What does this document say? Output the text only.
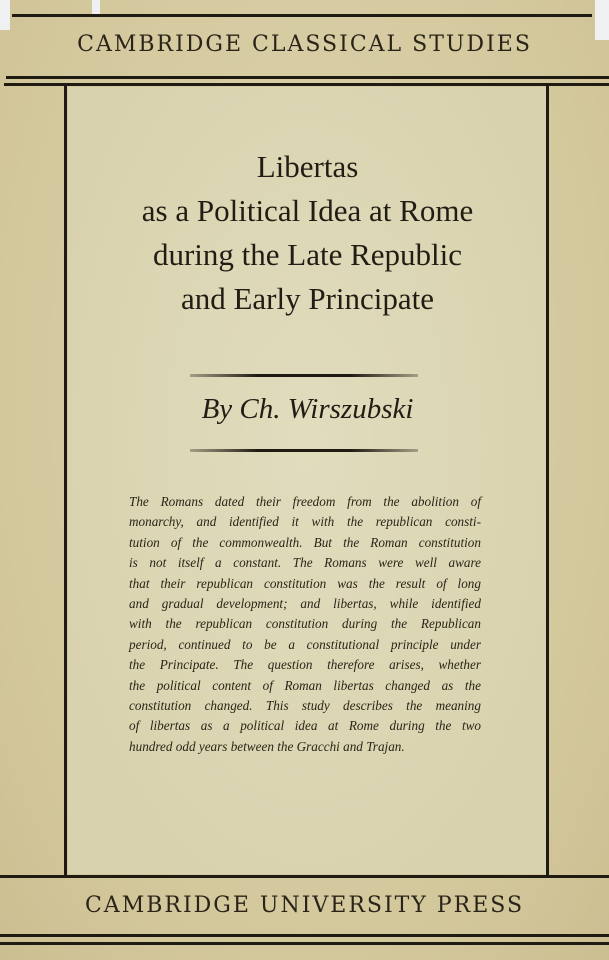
CAMBRIDGE CLASSICAL STUDIES
Libertas
as a Political Idea at Rome
during the Late Republic
and Early Principate
By Ch. Wirszubski
The Romans dated their freedom from the abolition of
monarchy, and identified it with the republican consti-
tution of the commonwealth. But the Roman constitution
is not itself a constant. The Romans were well aware
that their republican constitution was the result of long
and gradual development; and libertas, while identified
with the republican constitution during the Republican
period, continued to be a constitutional principle under
the Principate. The question therefore arises, whether
the political content of Roman libertas changed as the
constitution changed. This study describes the meaning
of libertas as a political idea at Rome during the two
hundred odd years between the Gracchi and Trajan.
CAMBRIDGE UNIVERSITY PRESS
